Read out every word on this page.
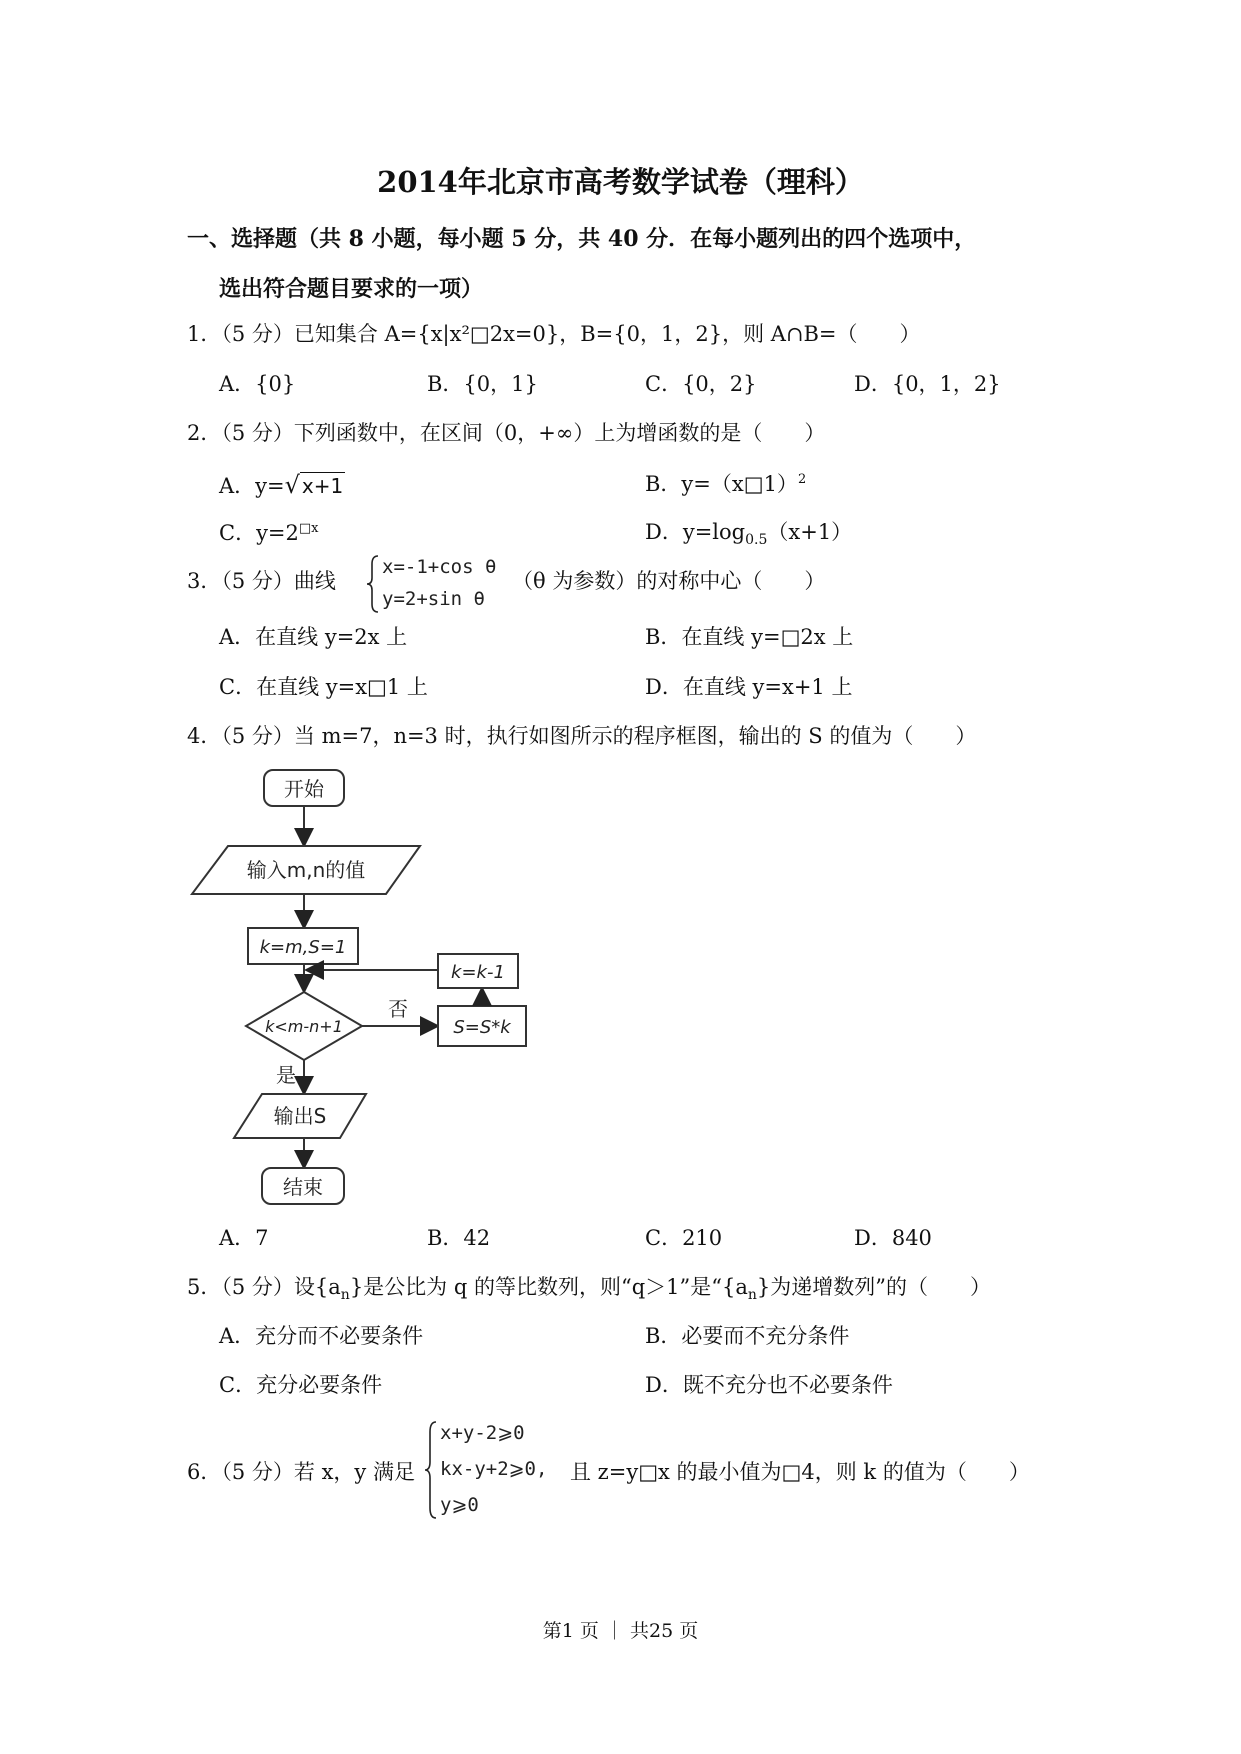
2014年北京市高考数学试卷（理科）
一、选择题（共 8 小题，每小题 5 分，共 40 分．在每小题列出的四个选项中，
选出符合题目要求的一项）
1．（5 分）已知集合 A={x|x²□2x=0}，B={0，1，2}，则 A∩B=（　　）
A．{0}	B．{0，1}	C．{0，2}	D．{0，1，2}
2．（5 分）下列函数中，在区间（0，+∞）上为增函数的是（　　）
A．y=√ x+1	B．y=（x□1）$^2$
C．$y=2^{□x}$	D．$y=\log_{0.5}(x+1)$
3．（5 分）曲线
x=-1+cos θ
y=2+sin θ
（θ 为参数）的对称中心（　　）
A．在直线 y=2x 上	B．在直线 y=□2x 上
C．在直线 y=x□1 上	D．在直线 y=x+1 上
4．（5 分）当 m=7，n=3 时，执行如图所示的程序框图，输出的 S 的值为（　　）
开始
输入m,n的值
k=m,S=1
k<m-n+1
否
是
S=S*k
k=k-1
输出S
结束
A．7	B．42	C．210	D．840
5．（5 分）设$\{a_n\}$是公比为 q 的等比数列，则“q＞1”是“$\{a_n\}$为递增数列”的（　　）
A．充分而不必要条件	B．必要而不充分条件
C．充分必要条件	D．既不充分也不必要条件
6．（5 分）若 x，y 满足
x+y-2⩾0
kx-y+2⩾0,
y⩾0
且 z=y□x 的最小值为□4，则 k 的值为（　　）
第1 页 ｜ 共25 页
